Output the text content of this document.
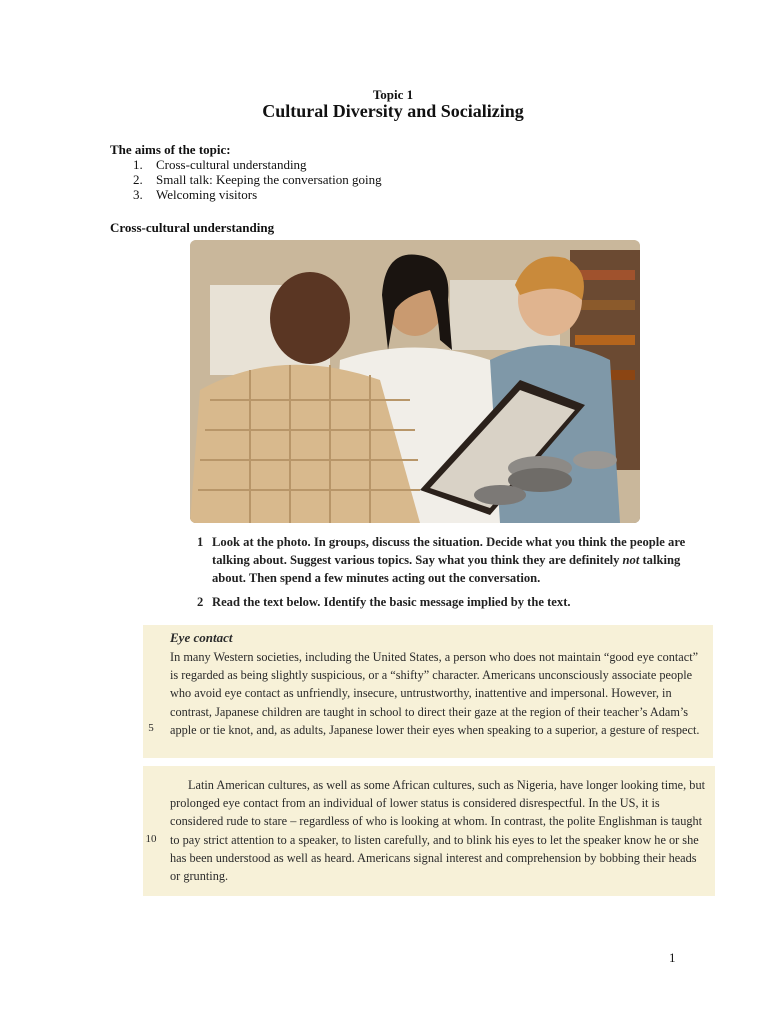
Topic 1
Cultural Diversity and Socializing
The aims of the topic:
1.	Cross-cultural understanding
2.	Small talk: Keeping the conversation going
3.	Welcoming visitors
Cross-cultural understanding
1 Look at the photo. In groups, discuss the situation. Decide what you think the people are talking about. Suggest various topics. Say what you think they are definitely not talking about. Then spend a few minutes acting out the conversation.
2 Read the text below. Identify the basic message implied by the text.
Eye contact

In many Western societies, including the United States, a person who does not maintain “good eye contact” is regarded as being slightly suspicious, or a “shifty” character. Americans unconsciously associate people who avoid eye contact as unfriendly, insecure, untrustworthy, inattentive and impersonal. However, in contrast, Japanese children are taught in school to direct their gaze at the region of their teacher’s Adam’s apple or tie knot, and, as adults, Japanese lower their eyes when speaking to a superior, a gesture of respect.

5

Latin American cultures, as well as some African cultures, such as Nigeria, have longer looking time, but prolonged eye contact from an individual of lower status is considered disrespectful. In the US, it is considered rude to stare – regardless of who is looking at whom. In contrast, the polite Englishman is taught to pay strict attention to a speaker, to listen carefully, and to blink his eyes to let the speaker know he or she has been understood as well as heard. Americans signal interest and comprehension by bobbing their heads or grunting.

10
1
